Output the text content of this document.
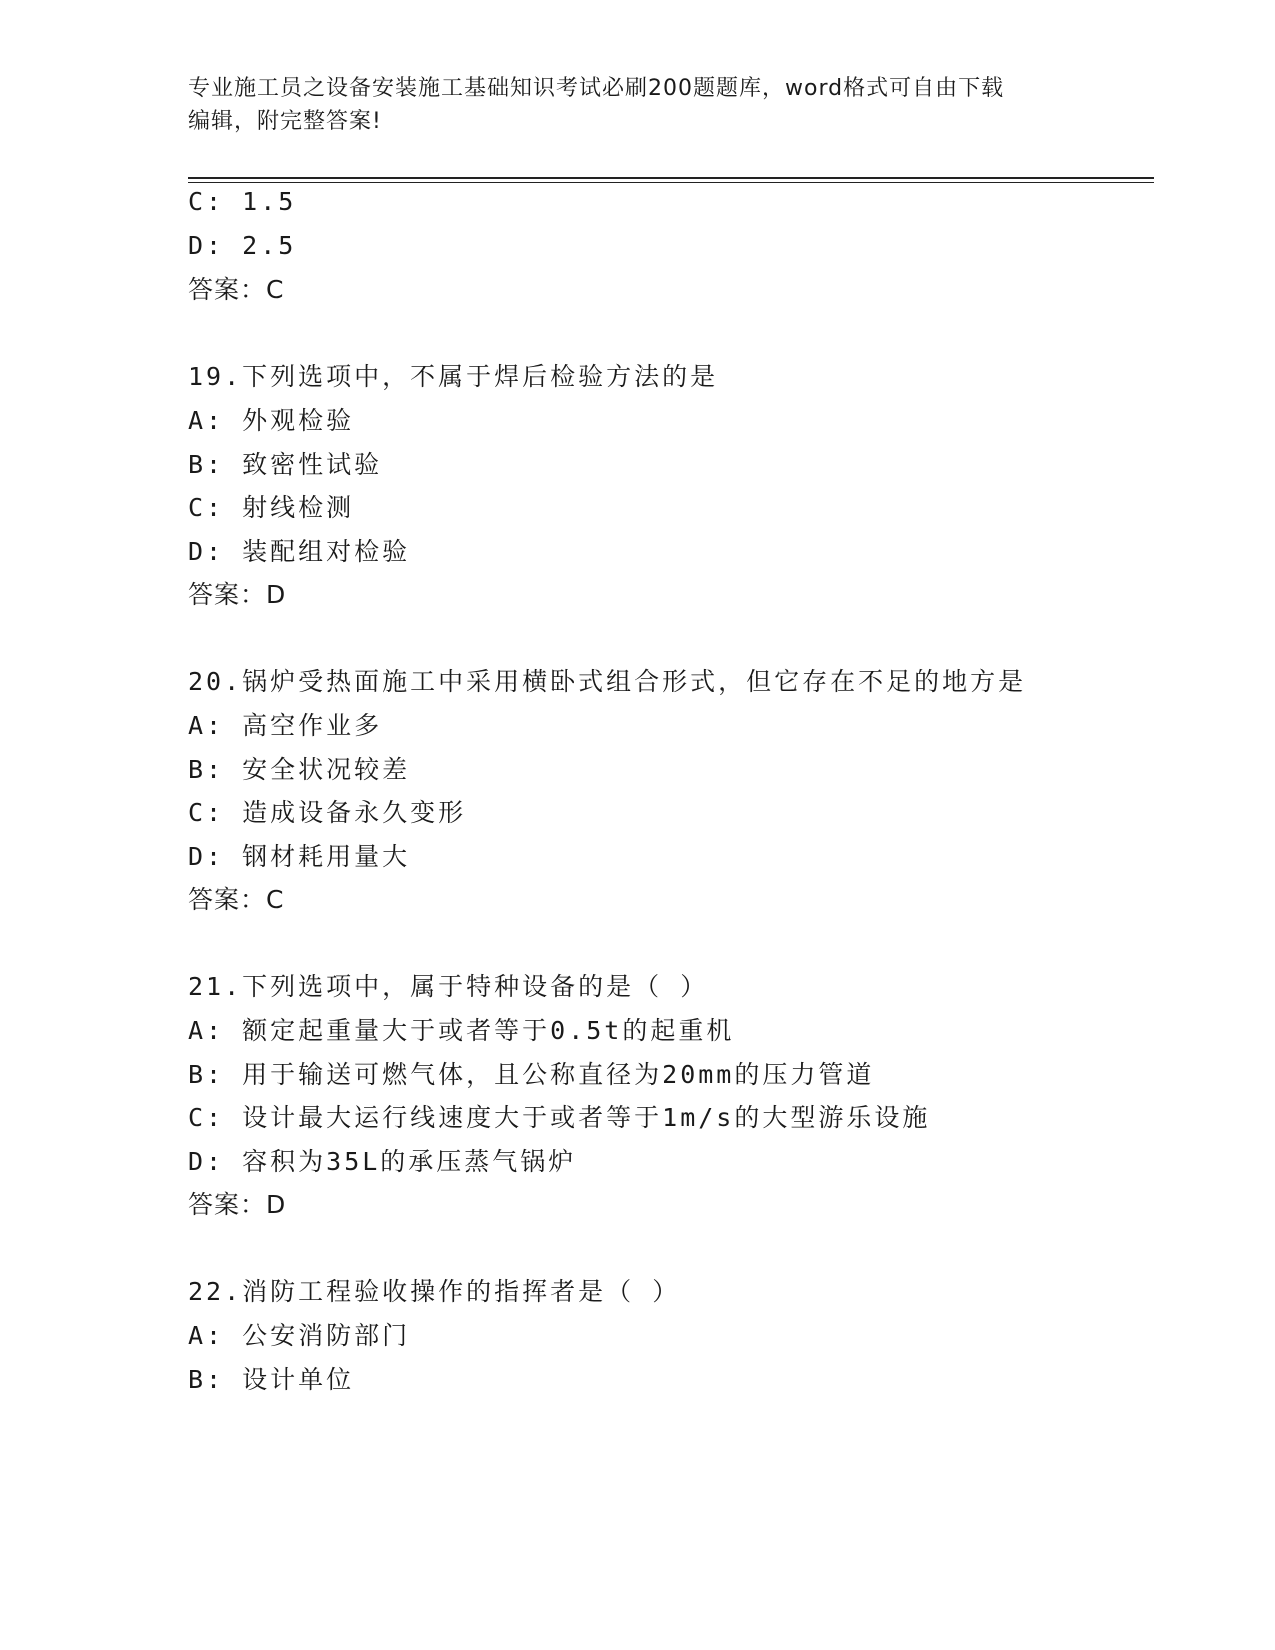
专业施工员之设备安装施工基础知识考试必刷200题题库，word格式可自由下载
编辑，附完整答案!
C: 1.5
D: 2.5
答案：C
19.下列选项中，不属于焊后检验方法的是
A: 外观检验
B: 致密性试验
C: 射线检测
D: 装配组对检验
答案：D
20.锅炉受热面施工中采用横卧式组合形式，但它存在不足的地方是
A: 高空作业多
B: 安全状况较差
C: 造成设备永久变形
D: 钢材耗用量大
答案：C
21.下列选项中，属于特种设备的是（ ）
A: 额定起重量大于或者等于0.5t的起重机
B: 用于输送可燃气体，且公称直径为20mm的压力管道
C: 设计最大运行线速度大于或者等于1m/s的大型游乐设施
D: 容积为35L的承压蒸气锅炉
答案：D
22.消防工程验收操作的指挥者是（ ）
A: 公安消防部门
B: 设计单位
